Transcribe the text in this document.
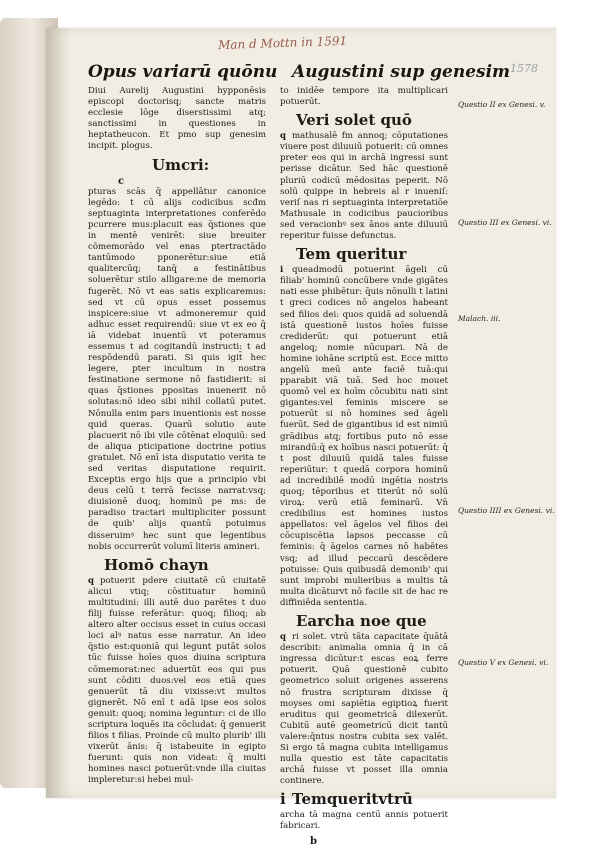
Man d Mottn in 1591
1578
Opus variarū quōnu Augustini sup genesim

Diui Aurelij Augustini hypponēsis episcopi doctorisq; sancte matris ecclesie lōge diserstissimi atq; sanctissimi in questiones in heptatheucon. Et pmo sup genesim incipit. plogus.

Umcri:
c

pturas scās q̄ appellātur canonice legēdo: t cū alijs codicibus scđm septuaginta interpretationes conferēdo pcurrere mus:placuit eas q̄stiones que in mentē venirēt: siue breuiter cōmemorādo vel enas ptertractādo tantūmodo pponerētur:siue etiā qualitercūq; tanq̄ a festinātibus soluerētur stilo alligare:ne de memoria fugerēt. Nō vt eas satis explicaremus: sed vt cū opus esset possemus inspicere:siue vt admoneremur quid adhuc esset requirendū: siue vt ex eo q̄ iā videbat inuentū vt poteramus essemus t ad cogitandū instructi: t ad respōdendū parati. Si quis igit̄ hec legere, pter incultum in nostra festinatione sermone nō fastidierit: si quas q̄stiones ppositas inuenerit nō solutas:nō ideo sibi nihil collatū putet. Nōnulla enim pars inuentionis est nosse quid queras. Quarū solutio aute placuerit nō ibi vile cōtēnat eloquiū: sed de aliqua pticipatione doctrine potius gratulet. Nō enī ista disputatio verita te sed veritas disputatione requirit. Exceptis ergo hijs que a principio vbi deus celū t terrā fecisse narrat:vsq; diuisionē duoq; hominū pe ms: de paradiso tractari multipliciter possunt de quib' alijs quantū potuimus disseruimꝰ hec sunt que legentibus nobis occurrerūt volumī literis amineri.

Homō chayn

q potuerit pdere ciuitatē cū ciuitatē alicui vtiq; cōstituatur hominū multitudini: illi autē duo parētes t duo filij fuisse referātur: quoq; filioq; ab altero alter occisus esset in cuius occasi loci alꝰ natus esse narratur. An ideo q̄stio est:quoniā qui legunt putāt solos tūc fuisse hoīes quos diuina scriptura cōmemorat:nec aduertūt eos qui pus sunt cōditi duos:vel eos etiā ques genuerūt tā diu vixisse:vt multos gignerēt. Nō enī t adā ipse eos solos genuit: quoq; nomina leguntur: ci de illo scriptura loquēs ita cōcludat: q̄ genuerit filios t filias. Proinde cū multo plurib' illi vixerūt ānis: q̄ istabeuite in egipto fuerunt: quis non videat: q̄ multi homines nasci potuerūt:vnde illa ciuitas impleretur:si hebei mul-

to inidēe tempore ita multiplicari potuerūt.

Veri solet quō

q mathusalē fm annoq; cōputationes viuere post diluuiū potuerit: cū omnes preter eos qui in archā ingressi sunt perisse dicātur. Sed hāc questionē pluriū codicū mēdositas peperit. Nō solū quippe in hebreis al r inueniſ: veriſ nas ri septuaginta interpretatiōe Mathusale in codicibus paucioribus sed veracionbꝰ sex ānos ante diluuiū reperitur fuisse defunctus.

Tem queritur

i queadmodū potuerint āgeli cū filiab' hominū concūbere vnde gigātes nati esse phibētur: q̄uis nōnulli t latini t greci codices nō angelos habeant sed filios dei: quos quidā ad soluendā istā questionē iustos hoīes fuisse crediderūt: qui potuerunt etiā angeloq; nomie nūcupari. Nā de homine iohāne scriptū est. Ecce mitto angelū meū ante faciē tuā:qui pparabit viā tuā. Sed hoc mouet quomō vel ex hoīm cōcubitu nati sint gigantes:vel feminis miscere se potuerūt si nō homines sed āgeli fuerūt. Sed de gigantibus id est nimiū grādibus atq; fortibus puto nō esse mirandū:q̄ ex hoībus nasci potuerūt: q̄ t post diluuiū quidā tales fuisse reperiūtur: t quedā corpora hominū ad incredibilē modū ingētia nostris quoq; tēporibus et titerūt nō solū viroꝝ: verū etiā feminarū. Vn̄ credibilius est homines iustos appellatos: vel āgelos vel filios dei cōcupiscētia lapsos peccasse cū feminis: q̄ āgelos carnes nō habētes vsq; ad illud peccarū descēdere potuisse: Quis quibusdā demonib' qui sunt improbi mulieribus a multis tā multa dicāturvt nō facile sit de hac re diffiniēda sententia.

Earcha noe que

q ri solet. vtrū tāta capacitate q̄uātā describit: animalia omnia q̄ in cā ingressa dicūtur:t escas eoꝝ ferre potuerit. Quā questionē cubito geometrico soluit origenes asserens nō frustra scripturam dixisse q̄ moyses omi sapiētia egiptioꝝ fuerit eruditus qui geometricā dilexerūt. Cubitū autē geometricū dicit tantū valere:q̄ntus nostra cubita sex valēt. Si ergo tā magna cubita intelligamus nulla questio est tāte capacitatis archā fuisse vt posset illa omnia continere.

i Temqueritvtrū

archa tā magna centū annis potuerit fabricari.

b
Questio II ex Genesi. v.
Questio III ex Genesi. vi.
Malach. iii.
Questio IIII ex Genesi. vi.
Questio V ex Genesi. vi.
